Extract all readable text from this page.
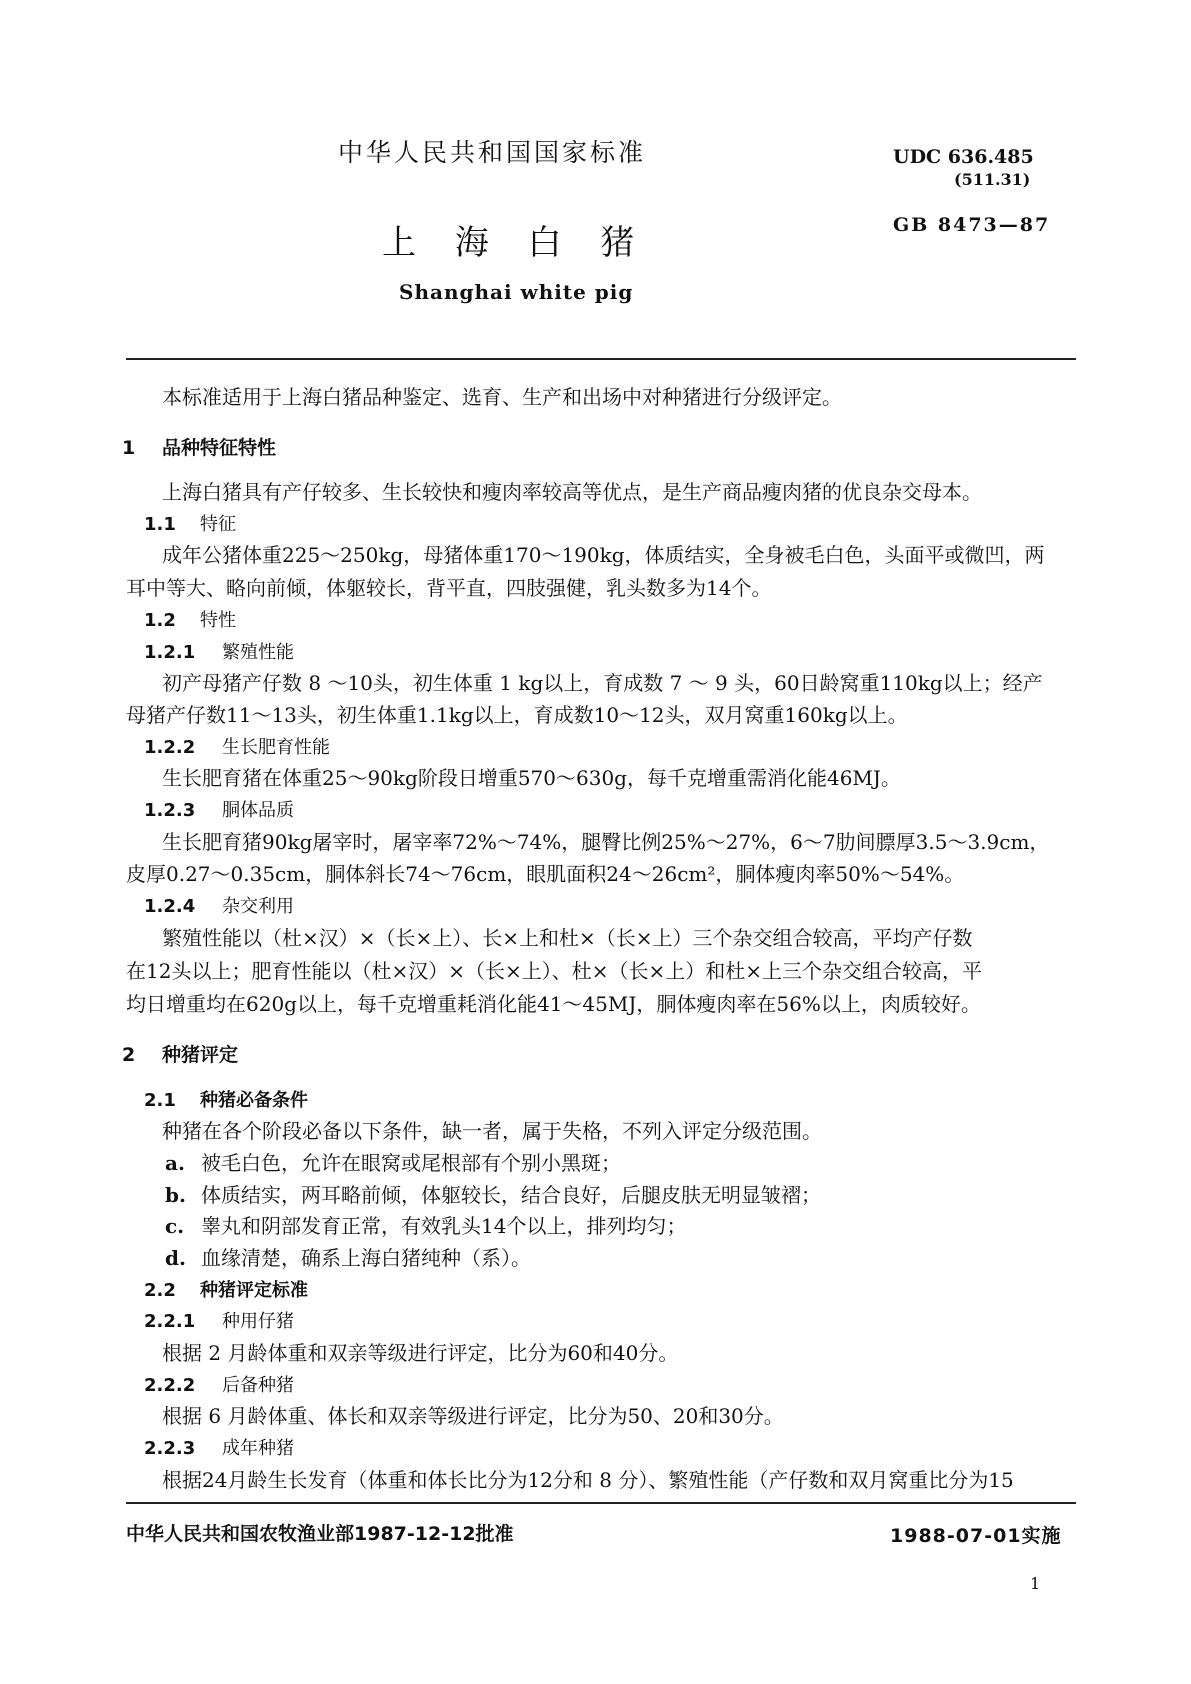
中华人民共和国国家标准	UDC 636.485
(511.31)
GB 8473—87
上 海 白 猪
Shanghai white pig
本标准适用于上海白猪品种鉴定、选育、生产和出场中对种猪进行分级评定。
1 品种特征特性
上海白猪具有产仔较多、生长较快和瘦肉率较高等优点，是生产商品瘦肉猪的优良杂交母本。
1.1 特征
成年公猪体重225～250kg，母猪体重170～190kg，体质结实，全身被毛白色，头面平或微凹，两
耳中等大、略向前倾，体躯较长，背平直，四肢强健，乳头数多为14个。
1.2 特性
1.2.1 繁殖性能
初产母猪产仔数 8 ～10头，初生体重 1 kg以上，育成数 7 ～ 9 头，60日龄窝重110kg以上；经产
母猪产仔数11～13头，初生体重1.1kg以上，育成数10～12头，双月窝重160kg以上。
1.2.2 生长肥育性能
生长肥育猪在体重25～90kg阶段日增重570～630g，每千克增重需消化能46MJ。
1.2.3 胴体品质
生长肥育猪90kg屠宰时，屠宰率72%～74%，腿臀比例25%～27%，6～7肋间膘厚3.5～3.9cm，
皮厚0.27～0.35cm，胴体斜长74～76cm，眼肌面积24～26cm²，胴体瘦肉率50%～54%。
1.2.4 杂交利用
繁殖性能以（杜×汉）×（长×上）、长×上和杜×（长×上）三个杂交组合较高，平均产仔数
在12头以上；肥育性能以（杜×汉）×（长×上）、杜×（长×上）和杜×上三个杂交组合较高，平
均日增重均在620g以上，每千克增重耗消化能41～45MJ，胴体瘦肉率在56%以上，肉质较好。
2 种猪评定
2.1 种猪必备条件
种猪在各个阶段必备以下条件，缺一者，属于失格，不列入评定分级范围。
a. 被毛白色，允许在眼窝或尾根部有个别小黑斑；
b. 体质结实，两耳略前倾，体躯较长，结合良好，后腿皮肤无明显皱褶；
c. 睾丸和阴部发育正常，有效乳头14个以上，排列均匀；
d. 血缘清楚，确系上海白猪纯种（系）。
2.2 种猪评定标准
2.2.1 种用仔猪
根据 2 月龄体重和双亲等级进行评定，比分为60和40分。
2.2.2 后备种猪
根据 6 月龄体重、体长和双亲等级进行评定，比分为50、20和30分。
2.2.3 成年种猪
根据24月龄生长发育（体重和体长比分为12分和 8 分）、繁殖性能（产仔数和双月窝重比分为15
中华人民共和国农牧渔业部1987-12-12批准	1988-07-01实施
1
